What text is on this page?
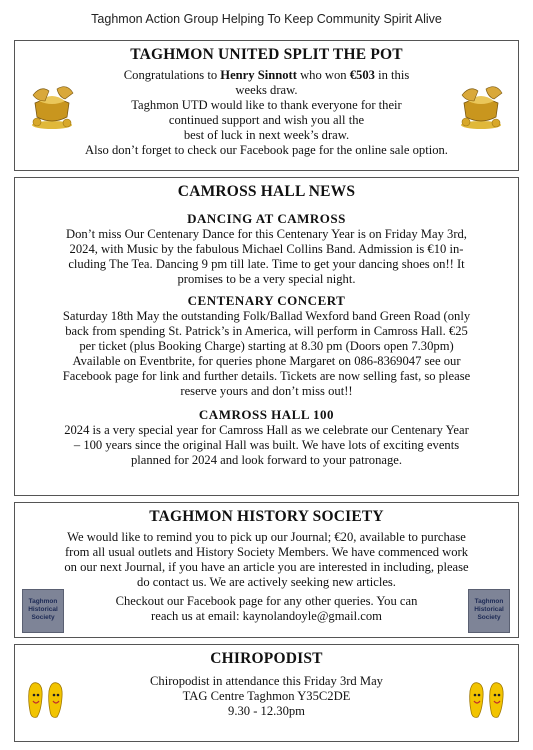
Taghmon Action Group Helping To Keep Community Spirit Alive
TAGHMON UNITED SPLIT THE POT
Congratulations to Henry Sinnott who won €503 in this
weeks draw.
Taghmon UTD would like to thank everyone for their
continued support and wish you all the
best of luck in next week’s draw.
Also don’t forget to check our Facebook page for the online sale option.
CAMROSS HALL NEWS
DANCING AT CAMROSS
Don’t miss Our Centenary Dance for this Centenary Year is on Friday May 3rd,
2024, with Music by the fabulous Michael Collins Band. Admission is €10 in-
cluding The Tea. Dancing 9 pm till late. Time to get your dancing shoes on!! It
promises to be a very special night.
CENTENARY CONCERT
Saturday 18th May the outstanding Folk/Ballad Wexford band Green Road (only
back from spending St. Patrick’s in America, will perform in Camross Hall. €25
per ticket (plus Booking Charge) starting at 8.30 pm (Doors open 7.30pm)
Available on Eventbrite, for queries phone Margaret on 086-8369047 see our
Facebook page for link and further details. Tickets are now selling fast, so please
reserve yours and don’t miss out!!
CAMROSS HALL 100
2024 is a very special year for Camross Hall as we celebrate our Centenary Year
– 100 years since the original Hall was built. We have lots of exciting events
planned for 2024 and look forward to your patronage.
TAGHMON HISTORY SOCIETY
We would like to remind you to pick up our Journal; €20, available to purchase
from all usual outlets and History Society Members. We have commenced work
on our next Journal, if you have an article you are interested in including, please
do contact us. We are actively seeking new articles.
Checkout our Facebook page for any other queries. You can
reach us at email: kaynolandoyle@gmail.com
Taghmon Historical Society
Taghmon Historical Society
CHIROPODIST
Chiropodist in attendance this Friday 3rd May
TAG Centre Taghmon Y35C2DE
9.30 - 12.30pm
